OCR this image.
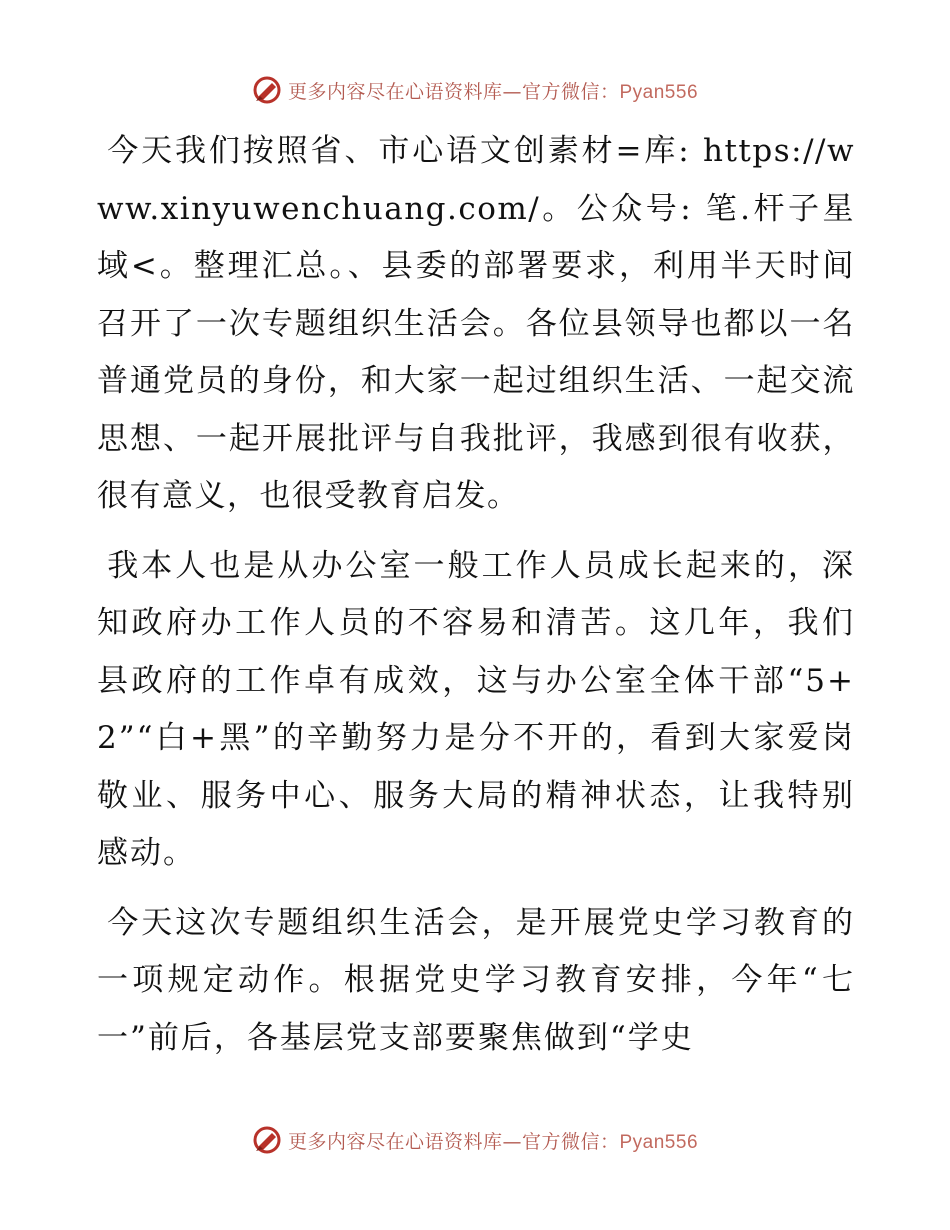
更多内容尽在心语资料库—官方微信：Pyan556

今天我们按照省、市心语文创素材=库: https://www.xinyuwenchuang.com/。公众号: 笔.杆子星域<。整理汇总。、县委的部署要求，利用半天时间召开了一次专题组织生活会。各位县领导也都以一名普通党员的身份，和大家一起过组织生活、一起交流思想、一起开展批评与自我批评，我感到很有收获，很有意义，也很受教育启发。

我本人也是从办公室一般工作人员成长起来的，深知政府办工作人员的不容易和清苦。这几年，我们县政府的工作卓有成效，这与办公室全体干部“5+2”“白+黑”的辛勤努力是分不开的，看到大家爱岗敬业、服务中心、服务大局的精神状态，让我特别感动。

今天这次专题组织生活会，是开展党史学习教育的一项规定动作。根据党史学习教育安排，今年“七一”前后，各基层党支部要聚焦做到“学史

更多内容尽在心语资料库—官方微信：Pyan556
